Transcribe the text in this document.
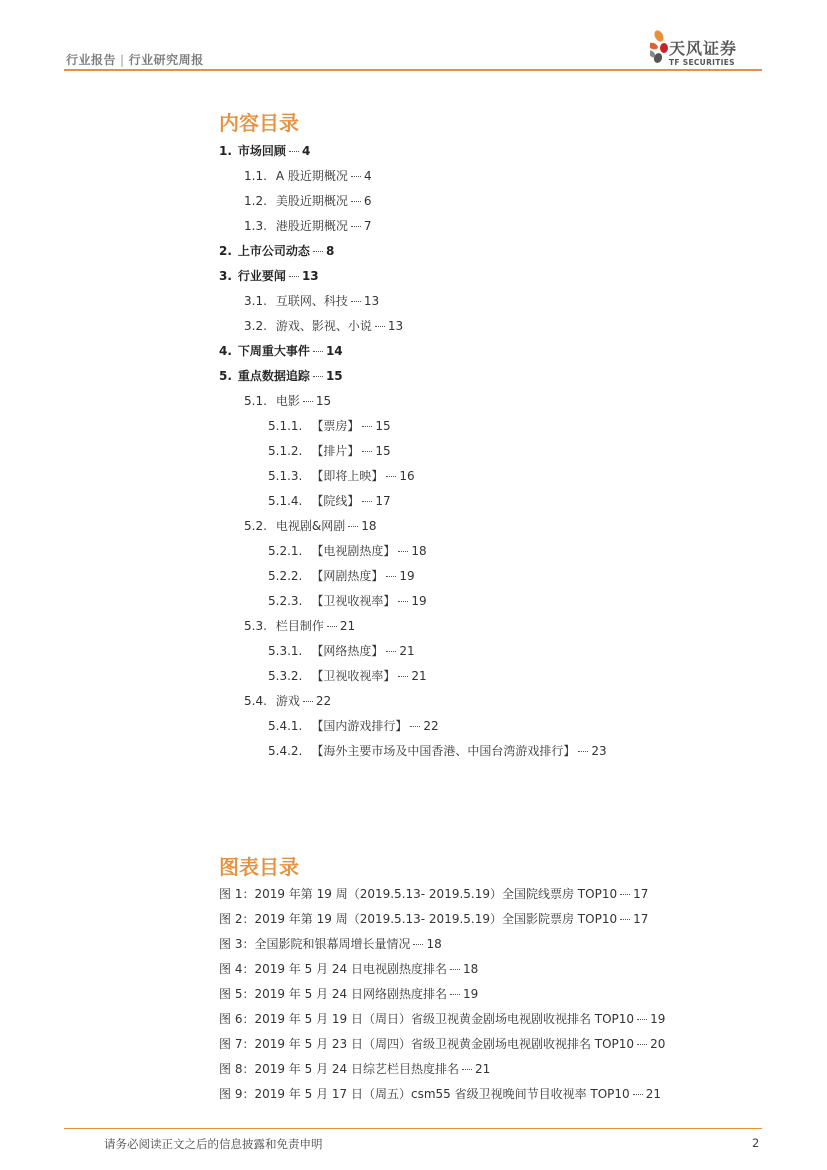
行业报告 | 行业研究周报
天风证券
TF SECURITIES
内容目录
1. 市场回顾 4
1.1. A 股近期概况 4
1.2. 美股近期概况 6
1.3. 港股近期概况 7
2. 上市公司动态 8
3. 行业要闻 13
3.1. 互联网、科技 13
3.2. 游戏、影视、小说 13
4. 下周重大事件 14
5. 重点数据追踪 15
5.1. 电影 15
5.1.1. 【票房】 15
5.1.2. 【排片】 15
5.1.3. 【即将上映】 16
5.1.4. 【院线】 17
5.2. 电视剧&网剧 18
5.2.1. 【电视剧热度】 18
5.2.2. 【网剧热度】 19
5.2.3. 【卫视收视率】 19
5.3. 栏目制作 21
5.3.1. 【网络热度】 21
5.3.2. 【卫视收视率】 21
5.4. 游戏 22
5.4.1. 【国内游戏排行】 22
5.4.2. 【海外主要市场及中国香港、中国台湾游戏排行】 23
图表目录
图 1：2019 年第 19 周（2019.5.13- 2019.5.19）全国院线票房 TOP10 17
图 2：2019 年第 19 周（2019.5.13- 2019.5.19）全国影院票房 TOP10 17
图 3：全国影院和银幕周增长量情况 18
图 4：2019 年 5 月 24 日电视剧热度排名 18
图 5：2019 年 5 月 24 日网络剧热度排名 19
图 6：2019 年 5 月 19 日（周日）省级卫视黄金剧场电视剧收视排名 TOP10 19
图 7：2019 年 5 月 23 日（周四）省级卫视黄金剧场电视剧收视排名 TOP10 20
图 8：2019 年 5 月 24 日综艺栏目热度排名 21
图 9：2019 年 5 月 17 日（周五）csm55 省级卫视晚间节目收视率 TOP10 21
请务必阅读正文之后的信息披露和免责申明	2
